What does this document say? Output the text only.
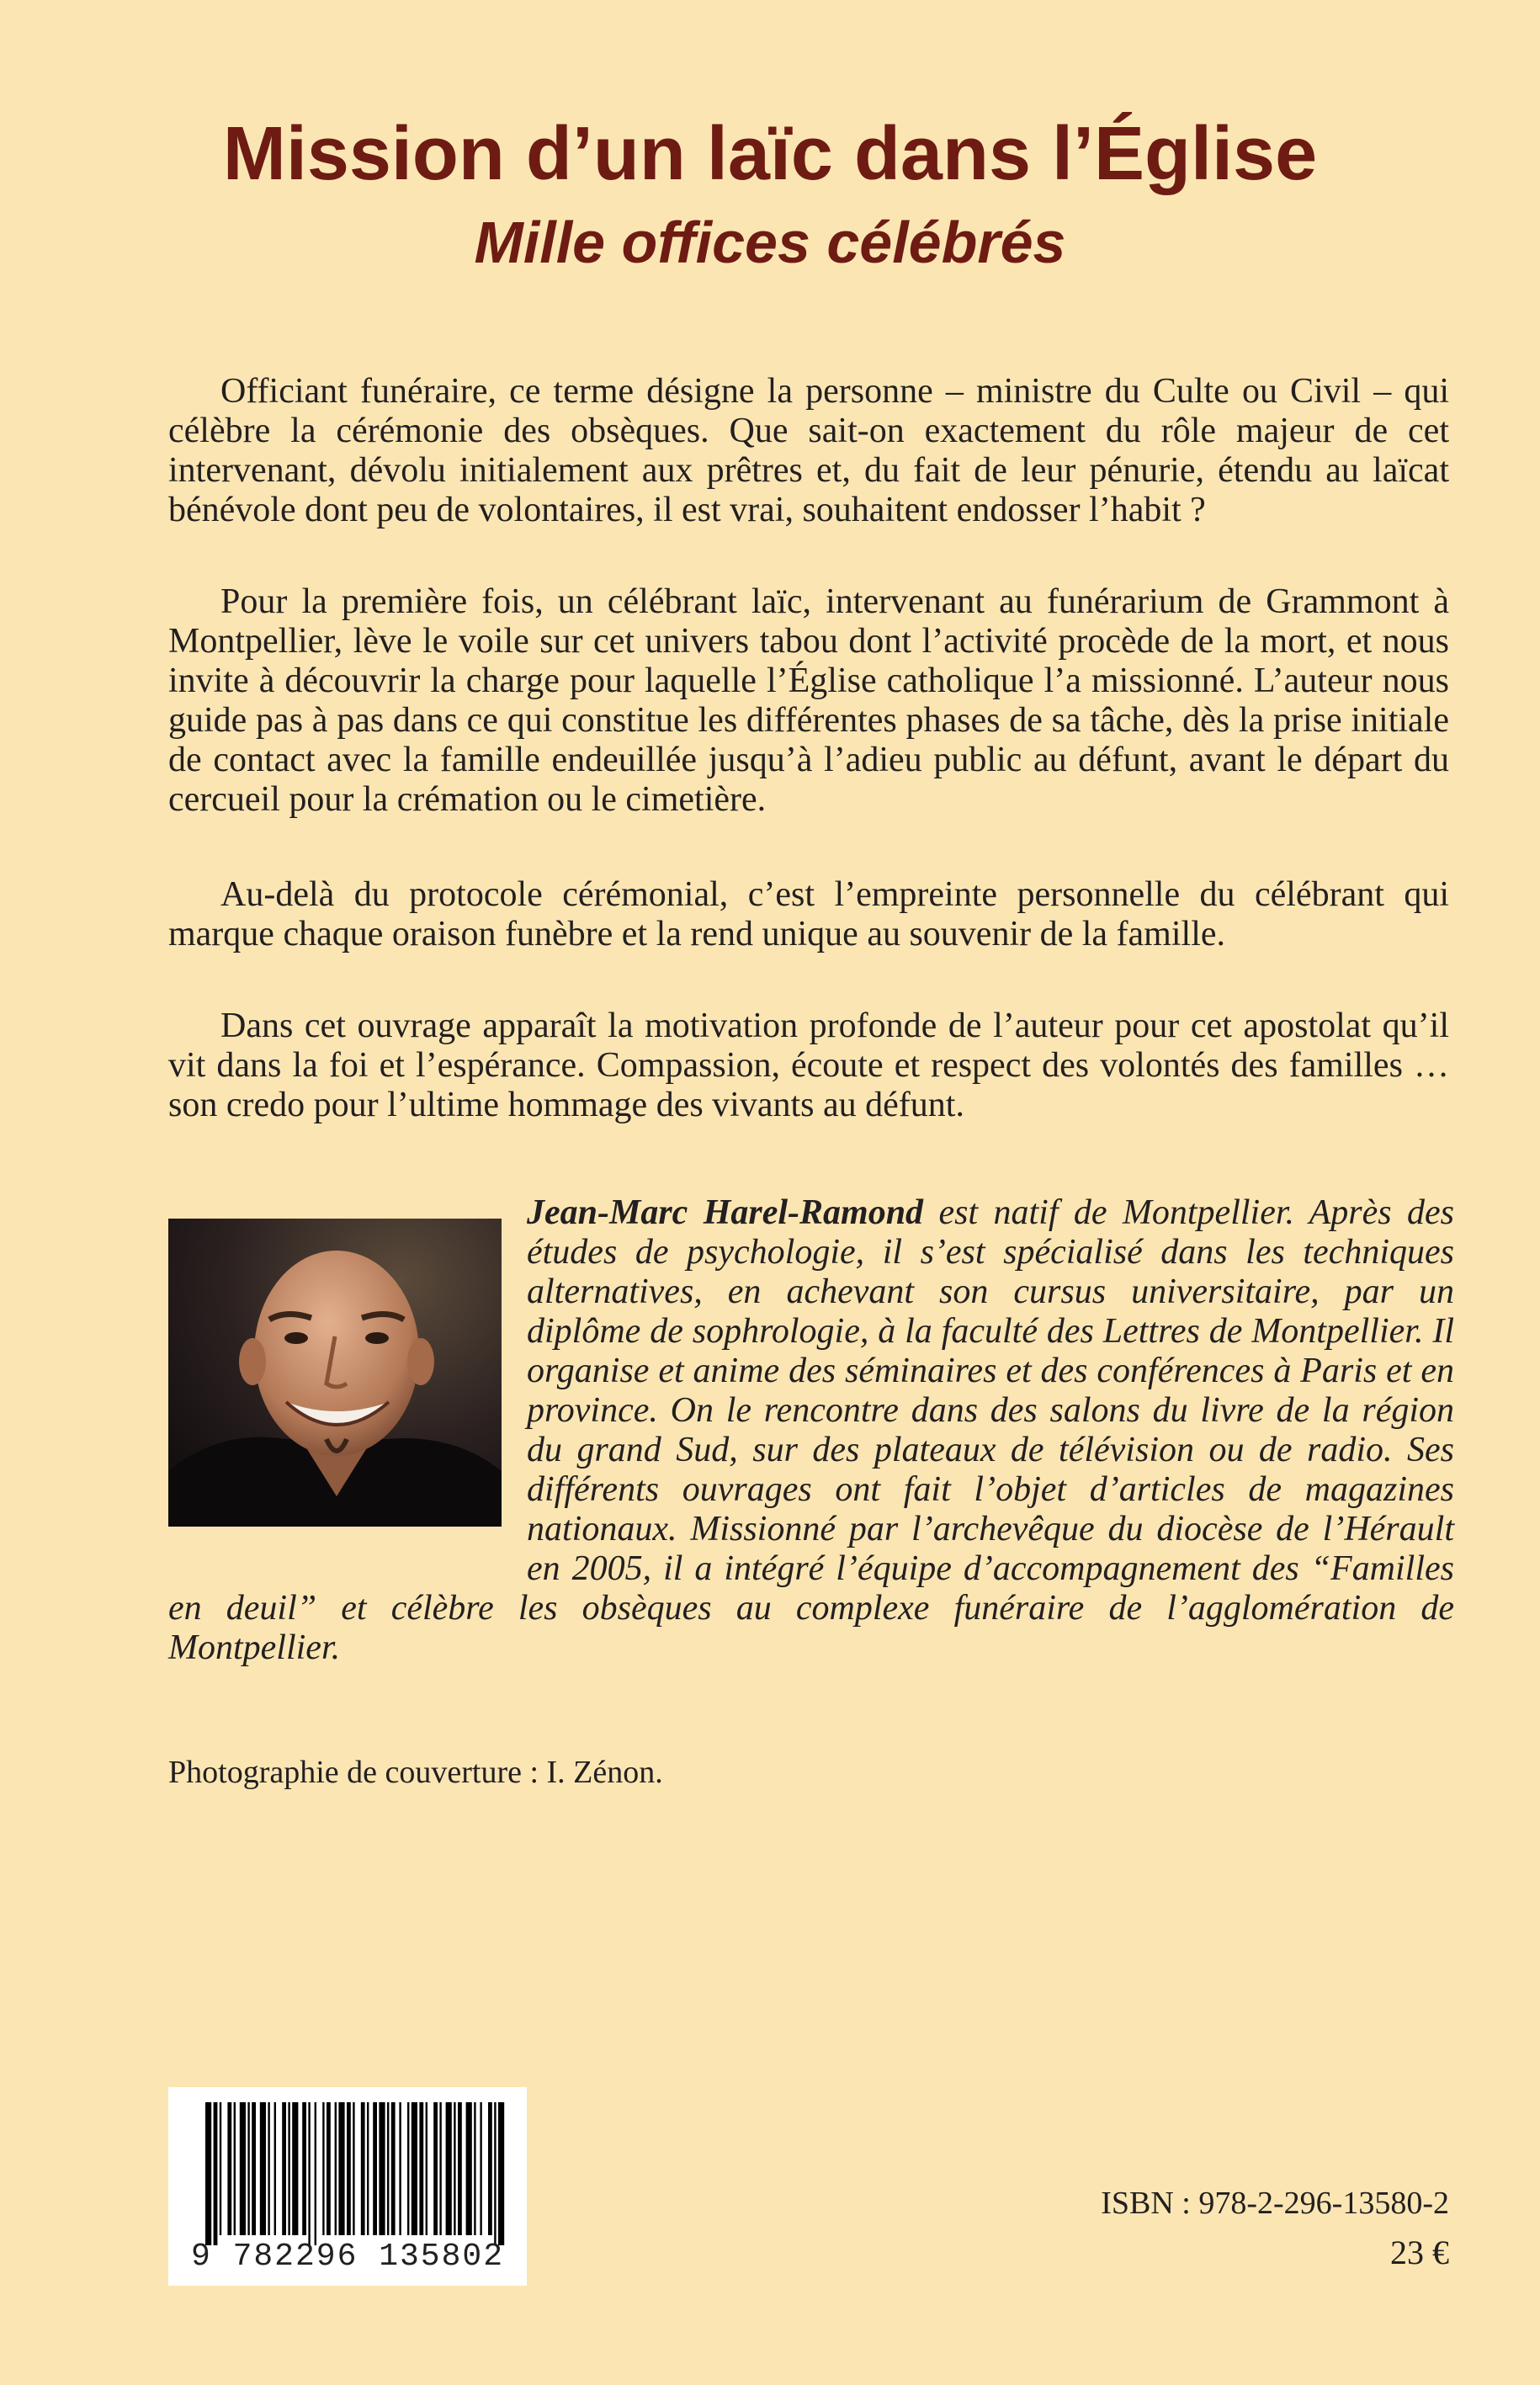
Mission d’un laïc dans l’Église
Mille offices célébrés

Officiant funéraire, ce terme désigne la personne – ministre du Culte ou Civil – qui célèbre la cérémonie des obsèques. Que sait-on exactement du rôle majeur de cet intervenant, dévolu initialement aux prêtres et, du fait de leur pénurie, étendu au laïcat bénévole dont peu de volontaires, il est vrai, souhaitent endosser l’habit ?

Pour la première fois, un célébrant laïc, intervenant au funérarium de Grammont à Montpellier, lève le voile sur cet univers tabou dont l’activité procède de la mort, et nous invite à découvrir la charge pour laquelle l’Église catholique l’a missionné. L’auteur nous guide pas à pas dans ce qui constitue les différentes phases de sa tâche, dès la prise initiale de contact avec la famille endeuillée jusqu’à l’adieu public au défunt, avant le départ du cercueil pour la crémation ou le cimetière.

Au-delà du protocole cérémonial, c’est l’empreinte personnelle du célébrant qui marque chaque oraison funèbre et la rend unique au souvenir de la famille.

Dans cet ouvrage apparaît la motivation profonde de l’auteur pour cet apostolat qu’il vit dans la foi et l’espérance. Compassion, écoute et respect des volontés des familles … son credo pour l’ultime hommage des vivants au défunt.

Jean-Marc Harel-Ramond est natif de Montpellier. Après des études de psychologie, il s’est spécialisé dans les techniques alternatives, en achevant son cursus universitaire, par un diplôme de sophrologie, à la faculté des Lettres de Montpellier. Il organise et anime des séminaires et des conférences à Paris et en province. On le rencontre dans des salons du livre de la région du grand Sud, sur des plateaux de télévision ou de radio. Ses différents ouvrages ont fait l’objet d’articles de magazines nationaux. Missionné par l’archevêque du diocèse de l’Hérault en 2005, il a intégré l’équipe d’accompagnement des “Familles en deuil” et célèbre les obsèques au complexe funéraire de l’agglomération de Montpellier.

Photographie de couverture : I. Zénon.

9 782296 135802

ISBN : 978-2-296-13580-2

23 €
